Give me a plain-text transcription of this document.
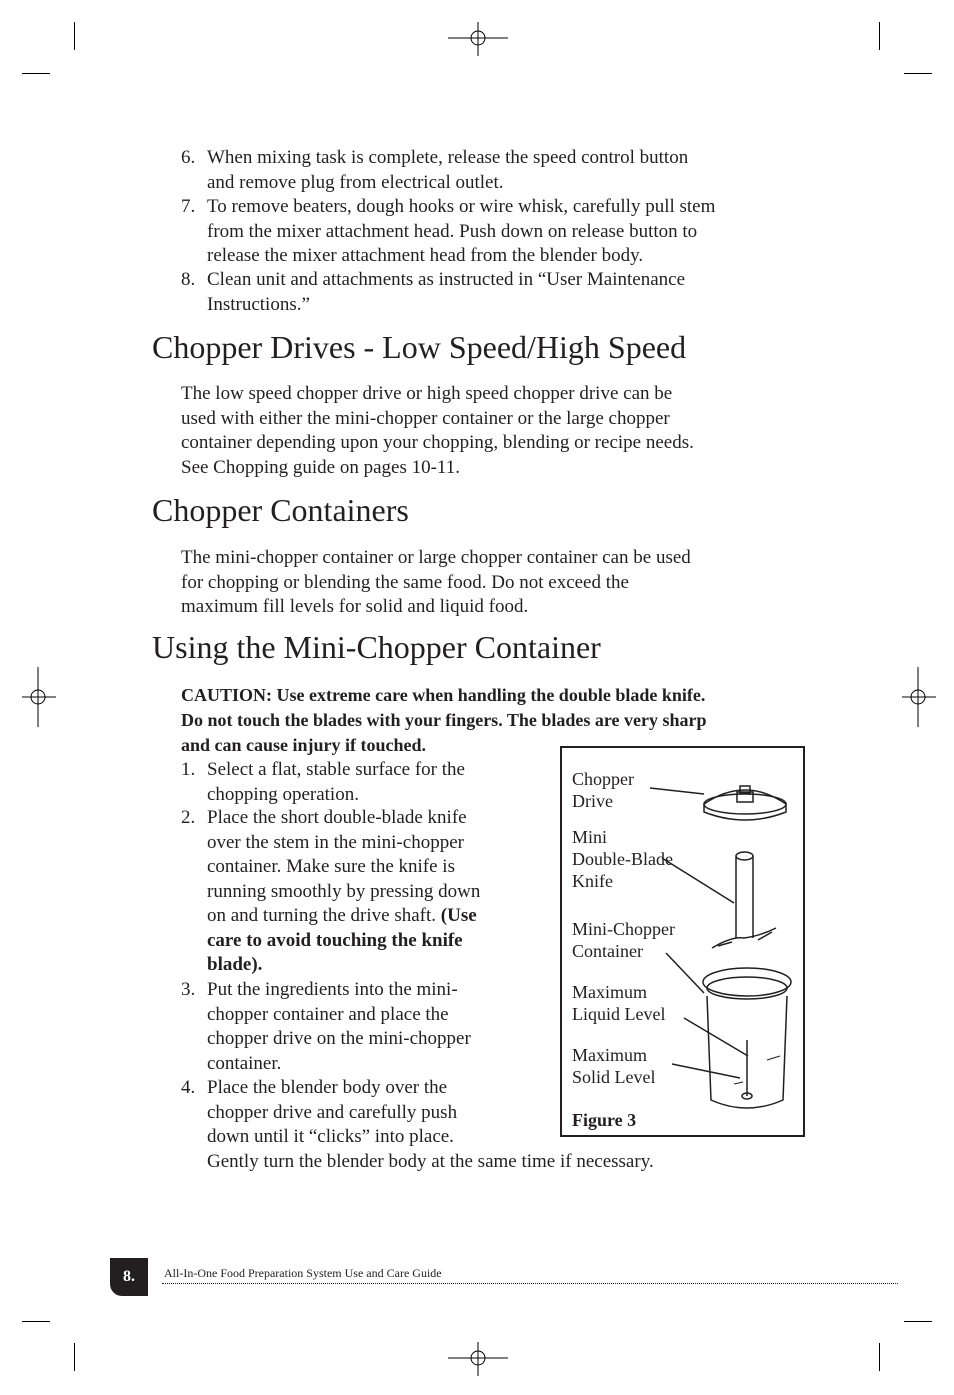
6. When mixing task is complete, release the speed control button
and remove plug from electrical outlet.
7. To remove beaters, dough hooks or wire whisk, carefully pull stem
from the mixer attachment head. Push down on release button to
release the mixer attachment head from the blender body.
8. Clean unit and attachments as instructed in “User Maintenance
Instructions.”
Chopper Drives - Low Speed/High Speed
The low speed chopper drive or high speed chopper drive can be
used with either the mini-chopper container or the large chopper
container depending upon your chopping, blending or recipe needs.
See Chopping guide on pages 10-11.
Chopper Containers
The mini-chopper container or large chopper container can be used
for chopping or blending the same food. Do not exceed the
maximum fill levels for solid and liquid food.
Using the Mini-Chopper Container
CAUTION: Use extreme care when handling the double blade knife.
Do not touch the blades with your fingers. The blades are very sharp
and can cause injury if touched.
1. Select a flat, stable surface for the
chopping operation.
2. Place the short double-blade knife
over the stem in the mini-chopper
container. Make sure the knife is
running smoothly by pressing down
on and turning the drive shaft. (Use
care to avoid touching the knife
blade).
3. Put the ingredients into the mini-
chopper container and place the
chopper drive on the mini-chopper
container.
4. Place the blender body over the
chopper drive and carefully push
down until it “clicks” into place.
Gently turn the blender body at the same time if necessary.
Chopper
Drive
Mini
Double-Blade
Knife
Mini-Chopper
Container
Maximum
Liquid Level
Maximum
Solid Level
Figure 3
8.	All-In-One Food Preparation System Use and Care Guide
